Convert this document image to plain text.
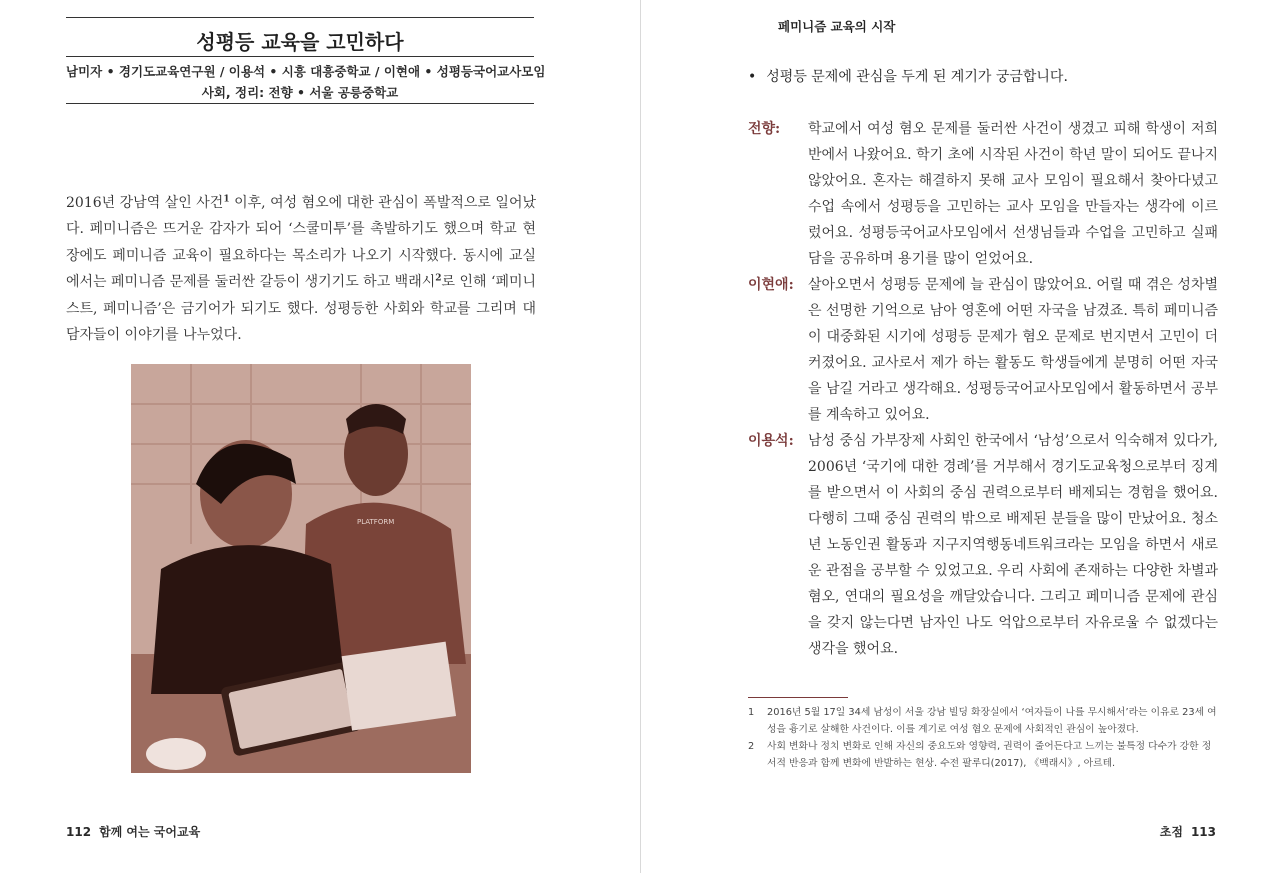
성평등 교육을 고민하다
남미자 • 경기도교육연구원 / 이용석 • 시흥 대흥중학교 / 이현애 • 성평등국어교사모임
사회, 정리: 전향 • 서울 공릉중학교

2016년 강남역 살인 사건$^1$ 이후, 여성 혐오에 대한 관심이 폭발적으로 일어났다. 페미니즘은 뜨거운 감자가 되어 ‘스쿨미투’를 촉발하기도 했으며 학교 현장에도 페미니즘 교육이 필요하다는 목소리가 나오기 시작했다. 동시에 교실에서는 페미니즘 문제를 둘러싼 갈등이 생기기도 하고 백래시$^2$로 인해 ‘페미니스트, 페미니즘’은 금기어가 되기도 했다. 성평등한 사회와 학교를 그리며 대담자들이 이야기를 나누었다.

PLATFORM
112 함께 여는 국어교육
페미니즘 교육의 시작
• 성평등 문제에 관심을 두게 된 계기가 궁금합니다.
전향:	학교에서 여성 혐오 문제를 둘러싼 사건이 생겼고 피해 학생이 저희 반에서 나왔어요. 학기 초에 시작된 사건이 학년 말이 되어도 끝나지 않았어요. 혼자는 해결하지 못해 교사 모임이 필요해서 찾아다녔고 수업 속에서 성평등을 고민하는 교사 모임을 만들자는 생각에 이르렀어요. 성평등국어교사모임에서 선생님들과 수업을 고민하고 실패담을 공유하며 용기를 많이 얻었어요.

이현애:	살아오면서 성평등 문제에 늘 관심이 많았어요. 어릴 때 겪은 성차별은 선명한 기억으로 남아 영혼에 어떤 자국을 남겼죠. 특히 페미니즘이 대중화된 시기에 성평등 문제가 혐오 문제로 번지면서 고민이 더 커졌어요. 교사로서 제가 하는 활동도 학생들에게 분명히 어떤 자국을 남길 거라고 생각해요. 성평등국어교사모임에서 활동하면서 공부를 계속하고 있어요.

이용석:	남성 중심 가부장제 사회인 한국에서 ‘남성’으로서 익숙해져 있다가, 2006년 ‘국기에 대한 경례’를 거부해서 경기도교육청으로부터 징계를 받으면서 이 사회의 중심 권력으로부터 배제되는 경험을 했어요. 다행히 그때 중심 권력의 밖으로 배제된 분들을 많이 만났어요. 청소년 노동인권 활동과 지구지역행동네트워크라는 모임을 하면서 새로운 관점을 공부할 수 있었고요. 우리 사회에 존재하는 다양한 차별과 혐오, 연대의 필요성을 깨달았습니다. 그리고 페미니즘 문제에 관심을 갖지 않는다면 남자인 나도 억압으로부터 자유로울 수 없겠다는 생각을 했어요.

1	2016년 5월 17일 34세 남성이 서울 강남 빌딩 화장실에서 ‘여자들이 나를 무시해서’라는 이유로 23세 여성을 흉기로 살해한 사건이다. 이를 계기로 여성 혐오 문제에 사회적인 관심이 높아졌다.
2	사회 변화나 정치 변화로 인해 자신의 중요도와 영향력, 권력이 줄어든다고 느끼는 불특정 다수가 강한 정서적 반응과 함께 변화에 반발하는 현상. 수전 팔루디(2017), 《백래시》, 아르테.
초점 113
